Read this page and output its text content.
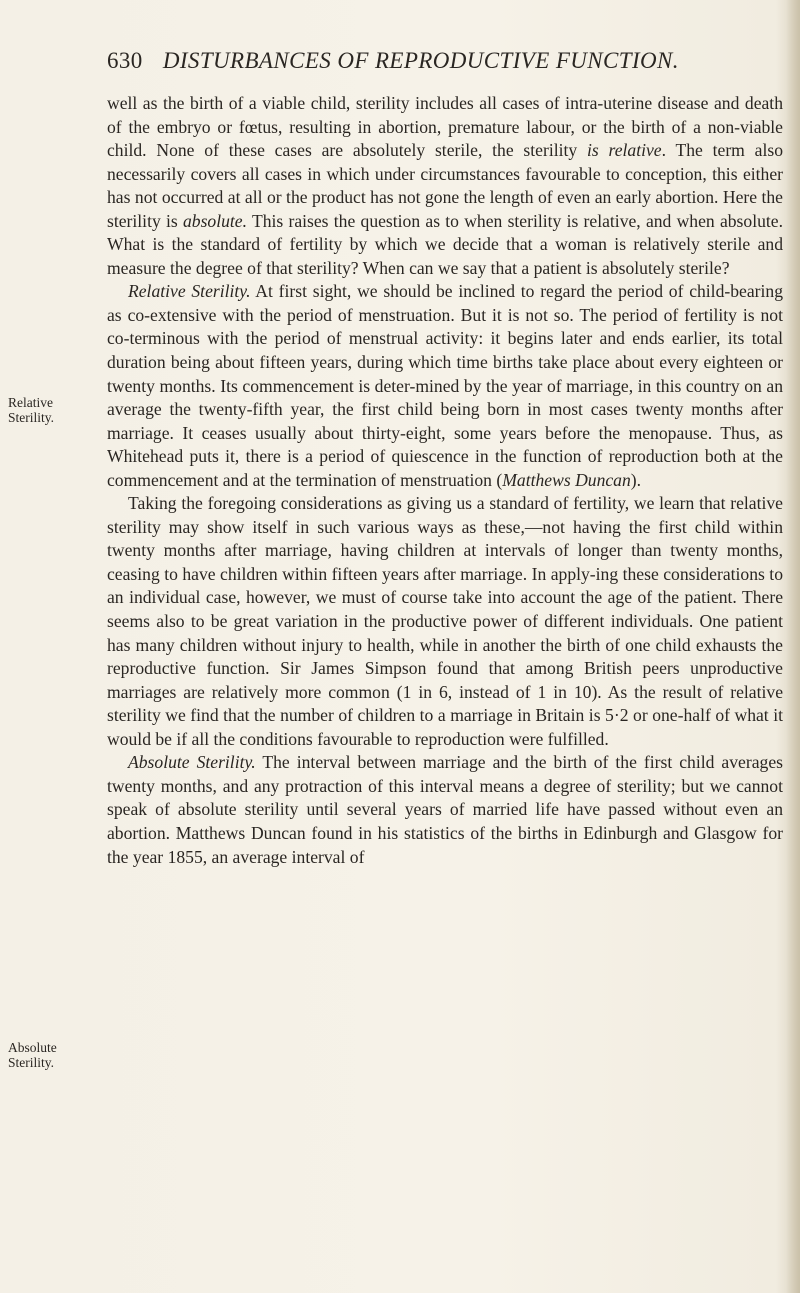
630 DISTURBANCES OF REPRODUCTIVE FUNCTION.
Relative Sterility.
Absolute Sterility.

well as the birth of a viable child, sterility includes all cases of intra-uterine disease and death of the embryo or fœtus, resulting in abortion, premature labour, or the birth of a non-viable child. None of these cases are absolutely sterile, the sterility is relative. The term also necessarily covers all cases in which under circumstances favourable to conception, this either has not occurred at all or the product has not gone the length of even an early abortion. Here the sterility is absolute. This raises the question as to when sterility is relative, and when absolute. What is the standard of fertility by which we decide that a woman is relatively sterile and measure the degree of that sterility? When can we say that a patient is absolutely sterile?

Relative Sterility. At first sight, we should be inclined to regard the period of child-bearing as co-extensive with the period of menstruation. But it is not so. The period of fertility is not co-terminous with the period of menstrual activity: it begins later and ends earlier, its total duration being about fifteen years, during which time births take place about every eighteen or twenty months. Its commencement is deter-mined by the year of marriage, in this country on an average the twenty-fifth year, the first child being born in most cases twenty months after marriage. It ceases usually about thirty-eight, some years before the menopause. Thus, as Whitehead puts it, there is a period of quiescence in the function of reproduction both at the commencement and at the termination of menstruation (Matthews Duncan).

Taking the foregoing considerations as giving us a standard of fertility, we learn that relative sterility may show itself in such various ways as these,—not having the first child within twenty months after marriage, having children at intervals of longer than twenty months, ceasing to have children within fifteen years after marriage. In apply-ing these considerations to an individual case, however, we must of course take into account the age of the patient. There seems also to be great variation in the productive power of different individuals. One patient has many children without injury to health, while in another the birth of one child exhausts the reproductive function. Sir James Simpson found that among British peers unproductive marriages are relatively more common (1 in 6, instead of 1 in 10). As the result of relative sterility we find that the number of children to a marriage in Britain is 5·2 or one-half of what it would be if all the conditions favourable to reproduction were fulfilled.

Absolute Sterility. The interval between marriage and the birth of the first child averages twenty months, and any protraction of this interval means a degree of sterility; but we cannot speak of absolute sterility until several years of married life have passed without even an abortion. Matthews Duncan found in his statistics of the births in Edinburgh and Glasgow for the year 1855, an average interval of
